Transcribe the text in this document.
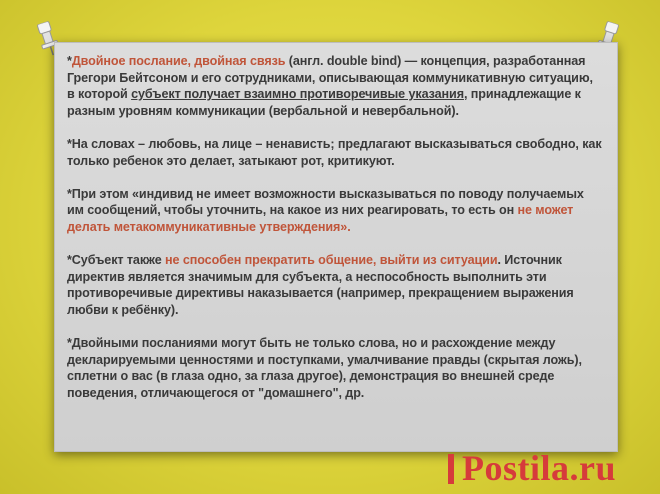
*Двойное послание, двойная связь (англ. double bind) — концепция, разработанная Грегори Бейтсоном и его сотрудниками, описывающая коммуникативную ситуацию, в которой субъект получает взаимно противоречивые указания, принадлежащие к разным уровням коммуникации (вербальной и невербальной).

*На словах – любовь, на лице – ненависть; предлагают высказываться свободно, как только ребенок это делает, затыкают рот, критикуют.

*При этом «индивид не имеет возможности высказываться по поводу получаемых им сообщений, чтобы уточнить, на какое из них реагировать, то есть он не может делать метакоммуникативные утверждения».

*Субъект также не способен прекратить общение, выйти из ситуации. Источник директив является значимым для субъекта, а неспособность выполнить эти противоречивые директивы наказывается (например, прекращением выражения любви к ребёнку).

*Двойными посланиями могут быть не только слова, но и расхождение между декларируемыми ценностями и поступками, умалчивание правды (скрытая ложь), сплетни о вас (в глаза одно, за глаза другое), демонстрация во внешней среде поведения, отличающегося от "домашнего", др.

Postila.ru
